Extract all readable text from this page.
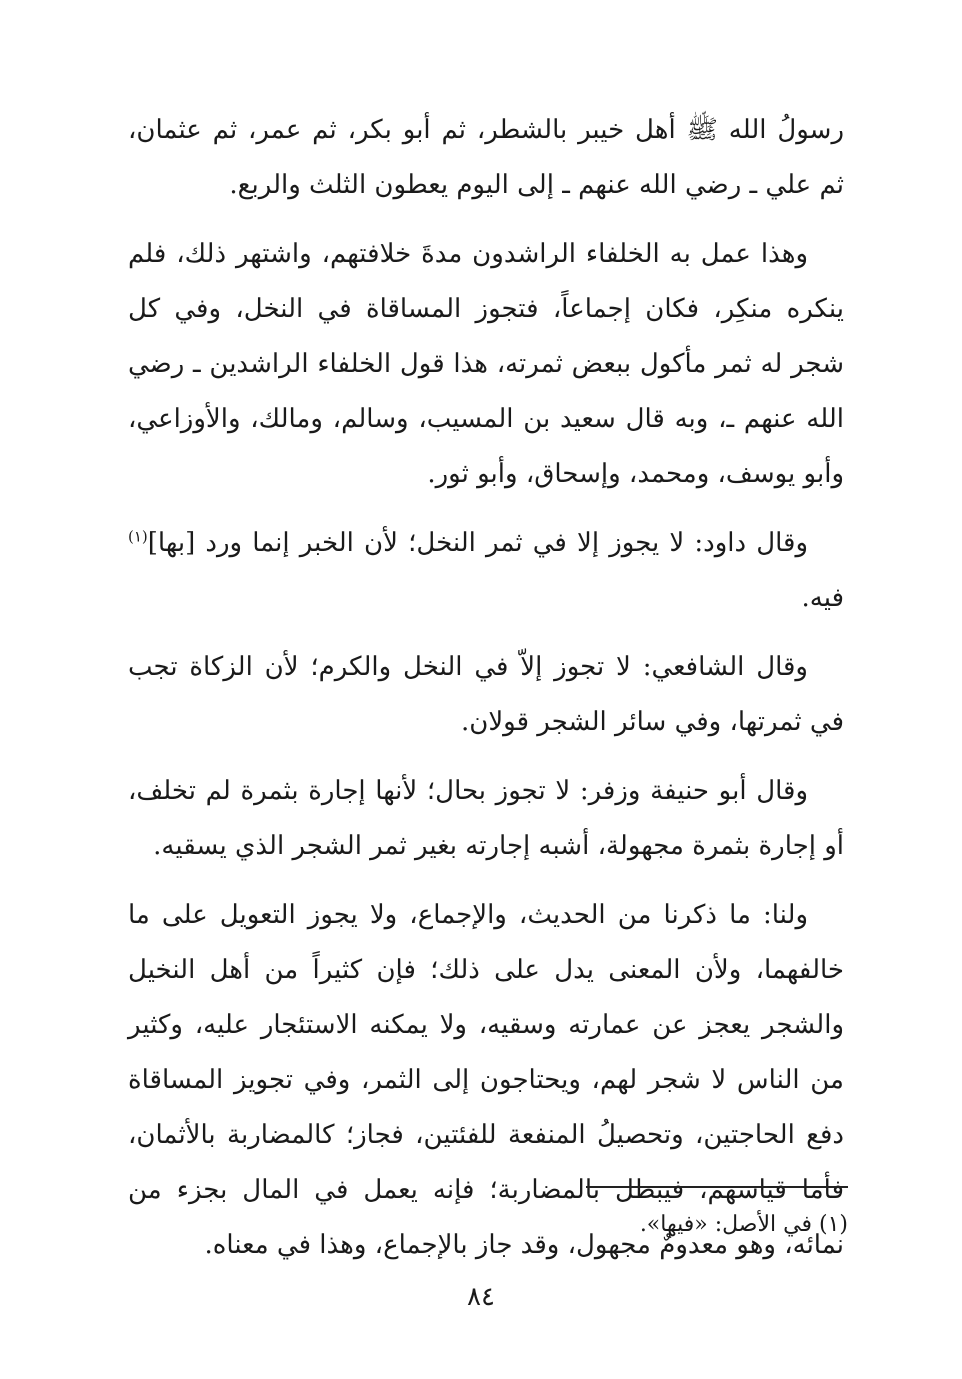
رسولُ الله ﷺ أهل خيبر بالشطر، ثم أبو بكر، ثم عمر، ثم عثمان، ثم علي ـ رضي الله عنهم ـ إلى اليوم يعطون الثلث والربع.

وهذا عمل به الخلفاء الراشدون مدةَ خلافتهم، واشتهر ذلك، فلم ينكره منكِر، فكان إجماعاً، فتجوز المساقاة في النخل، وفي كل شجر له ثمر مأكول ببعض ثمرته، هذا قول الخلفاء الراشدين ـ رضي الله عنهم ـ، وبه قال سعيد بن المسيب، وسالم، ومالك، والأوزاعي، وأبو يوسف، ومحمد، وإسحاق، وأبو ثور.

وقال داود: لا يجوز إلا في ثمر النخل؛ لأن الخبر إنما ورد [بها]$^{(١)}$ فيه.

وقال الشافعي: لا تجوز إلاّ في النخل والكرم؛ لأن الزكاة تجب في ثمرتها، وفي سائر الشجر قولان.

وقال أبو حنيفة وزفر: لا تجوز بحال؛ لأنها إجارة بثمرة لم تخلف، أو إجارة بثمرة مجهولة، أشبه إجارته بغير ثمر الشجر الذي يسقيه.

ولنا: ما ذكرنا من الحديث، والإجماع، ولا يجوز التعويل على ما خالفهما، ولأن المعنى يدل على ذلك؛ فإن كثيراً من أهل النخيل والشجر يعجز عن عمارته وسقيه، ولا يمكنه الاستئجار عليه، وكثير من الناس لا شجر لهم، ويحتاجون إلى الثمر، وفي تجويز المساقاة دفع الحاجتين، وتحصيلُ المنفعة للفئتين، فجاز؛ كالمضاربة بالأثمان، فأما قياسهم، فيبطل بالمضاربة؛ فإنه يعمل في المال بجزء من نمائه، وهو معدومٌ مجهول، وقد جاز بالإجماع، وهذا في معناه.

(١) في الأصل: «فيها».
٨٤
